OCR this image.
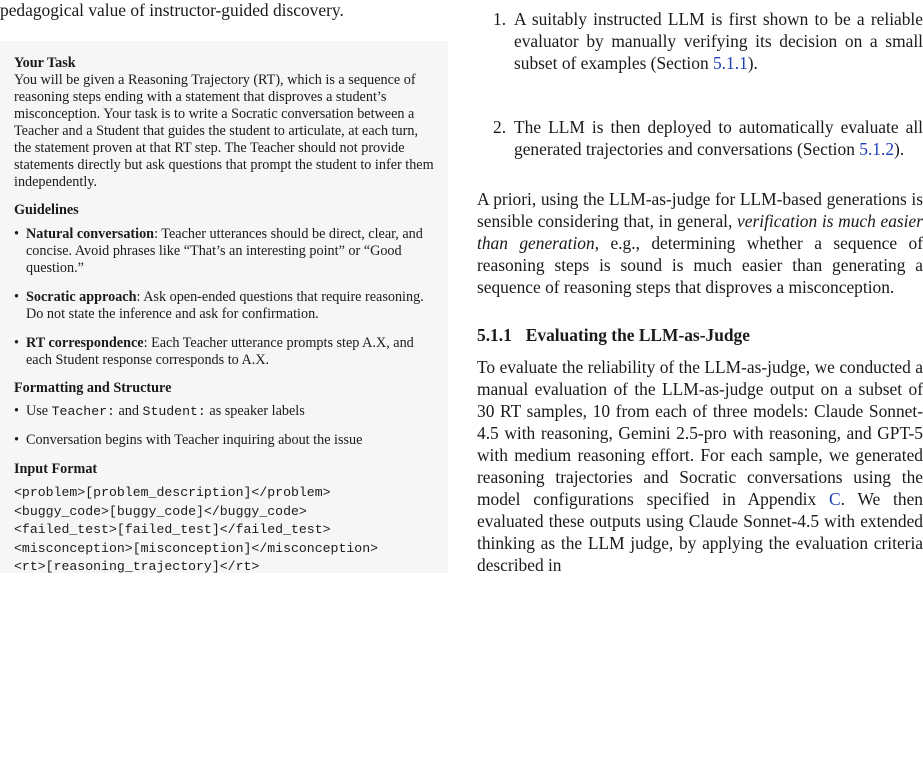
pedagogical value of instructor-guided discovery.

Your Task

You will be given a Reasoning Trajectory (RT), which is a sequence of reasoning steps ending with a statement that disproves a student’s misconception. Your task is to write a Socratic conversation between a Teacher and a Student that guides the student to articulate, at each turn, the statement proven at that RT step. The Teacher should not provide statements directly but ask questions that prompt the student to infer them independently.

Guidelines

• Natural conversation: Teacher utterances should be direct, clear, and concise. Avoid phrases like “That’s an interesting point” or “Good question.”
• Socratic approach: Ask open-ended questions that require reasoning. Do not state the inference and ask for confirmation.
• RT correspondence: Each Teacher utterance prompts step A.X, and each Student response corresponds to A.X.

Formatting and Structure

• Use Teacher: and Student: as speaker labels
• Conversation begins with Teacher inquiring about the issue

Input Format

<problem>[problem_description]</problem>

<buggy_code>[buggy_code]</buggy_code>

<failed_test>[failed_test]</failed_test>

<misconception>[misconception]</misconception>

<rt>[reasoning_trajectory]</rt>

1. A suitably instructed LLM is first shown to be a reliable evaluator by manually verifying its decision on a small subset of examples (Section 5.1.1).
2. The LLM is then deployed to automatically evaluate all generated trajectories and conversations (Section 5.1.2).

A priori, using the LLM-as-judge for LLM-based generations is sensible considering that, in general, verification is much easier than generation, e.g., determining whether a sequence of reasoning steps is sound is much easier than generating a sequence of reasoning steps that disproves a misconception.

5.1.1 Evaluating the LLM-as-Judge

To evaluate the reliability of the LLM-as-judge, we conducted a manual evaluation of the LLM-as-judge output on a subset of 30 RT samples, 10 from each of three models: Claude Sonnet-4.5 with reasoning, Gemini 2.5-pro with reasoning, and GPT-5 with medium reasoning effort. For each sample, we generated reasoning trajectories and Socratic conversations using the model configurations specified in Appendix C. We then evaluated these outputs using Claude Sonnet-4.5 with extended thinking as the LLM judge, by applying the evaluation criteria described in
